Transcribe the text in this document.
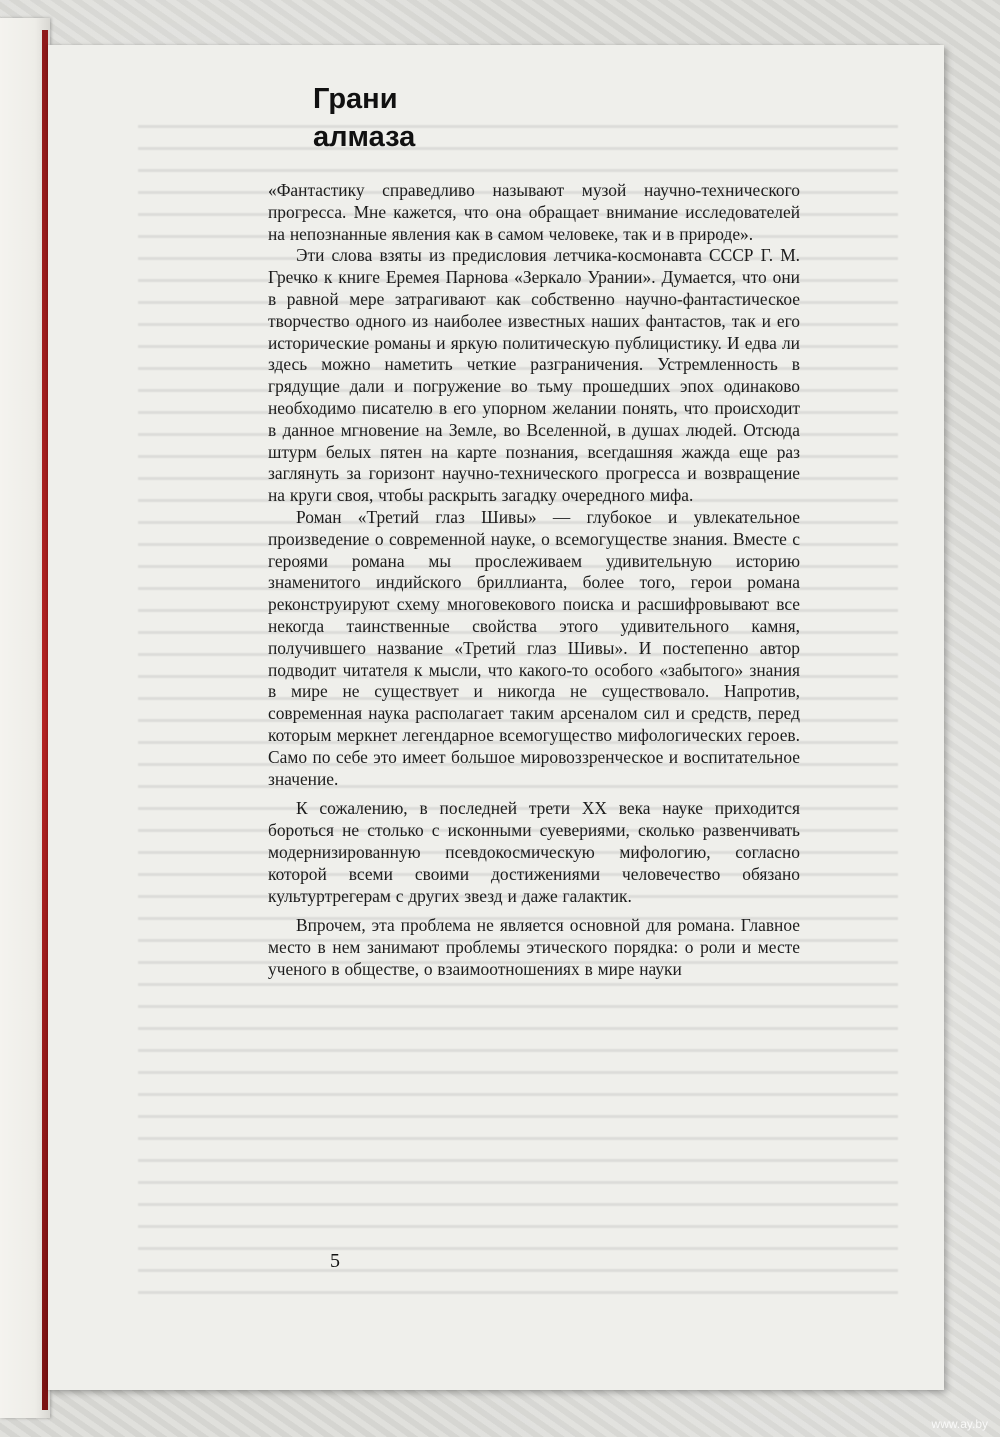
Грани
алмаза

«Фантастику справедливо называют музой научно-технического прогресса. Мне кажется, что она обращает внимание исследователей на непознанные явления как в самом человеке, так и в природе».

Эти слова взяты из предисловия летчика-космонавта СССР Г. М. Гречко к книге Еремея Парнова «Зеркало Урании». Думается, что они в равной мере затрагивают как собственно научно-фантастическое творчество одного из наиболее известных наших фантастов, так и его исторические романы и яркую политическую публицистику. И едва ли здесь можно наметить четкие разграничения. Устремленность в грядущие дали и погружение во тьму прошедших эпох одинаково необходимо писателю в его упорном желании понять, что происходит в данное мгновение на Земле, во Вселенной, в душах людей. Отсюда штурм белых пятен на карте познания, всегдашняя жажда еще раз заглянуть за горизонт научно-технического прогресса и возвращение на круги своя, чтобы раскрыть загадку очередного мифа.

Роман «Третий глаз Шивы» — глубокое и увлекательное произведение о современной науке, о всемогуществе знания. Вместе с героями романа мы прослеживаем удивительную историю знаменитого индийского бриллианта, более того, герои романа реконструируют схему многовекового поиска и расшифровывают все некогда таинственные свойства этого удивительного камня, получившего название «Третий глаз Шивы». И постепенно автор подводит читателя к мысли, что какого-то особого «забытого» знания в мире не существует и никогда не существовало. Напротив, современная наука располагает таким арсеналом сил и средств, перед которым меркнет легендарное всемогущество мифологических героев. Само по себе это имеет большое мировоззренческое и воспитательное значение.

К сожалению, в последней трети XX века науке приходится бороться не столько с исконными суевериями, сколько развенчивать модернизированную псевдокосмическую мифологию, согласно которой всеми своими достижениями человечество обязано культуртрегерам с других звезд и даже галактик.

Впрочем, эта проблема не является основной для романа. Главное место в нем занимают проблемы этического порядка: о роли и месте ученого в обществе, о взаимоотношениях в мире науки

5
www.ay.by
